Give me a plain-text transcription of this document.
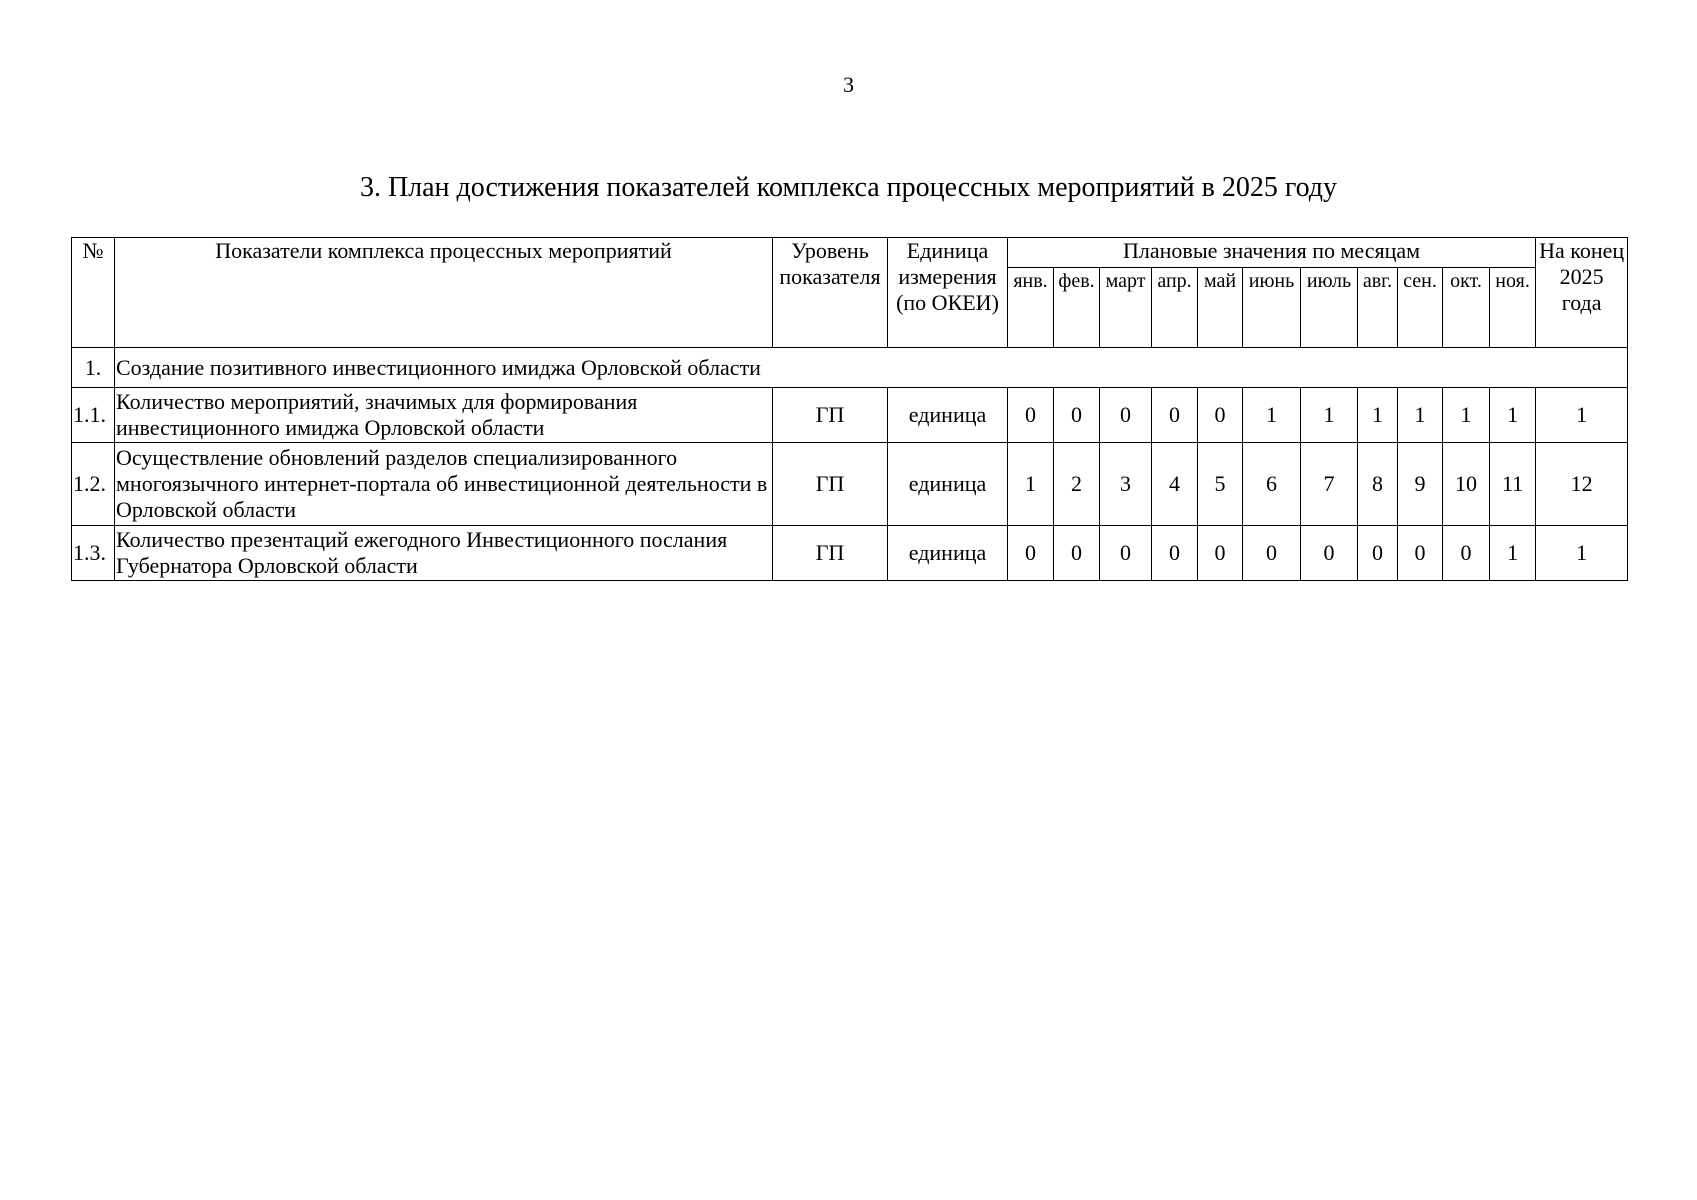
3
3. План достижения показателей комплекса процессных мероприятий в 2025 году
№	Показатели комплекса процессных мероприятий	Уровень показателя	Единица измерения (по ОКЕИ)	Плановые значения по месяцам											На конец 2025 года
				янв.	фев.	март	апр.	май	июнь	июль	авг.	сен.	окт.	ноя.	
1.	Создание позитивного инвестиционного имиджа Орловской области														
1.1.	Количество мероприятий, значимых для формирования инвестиционного имиджа Орловской области	ГП	единица	0	0	0	0	0	1	1	1	1	1	1	1
1.2.	Осуществление обновлений разделов специализированного многоязычного интернет-портала об инвестиционной деятельности в Орловской области	ГП	единица	1	2	3	4	5	6	7	8	9	10	11	12
1.3.	Количество презентаций ежегодного Инвестиционного послания Губернатора Орловской области	ГП	единица	0	0	0	0	0	0	0	0	0	0	1	1
